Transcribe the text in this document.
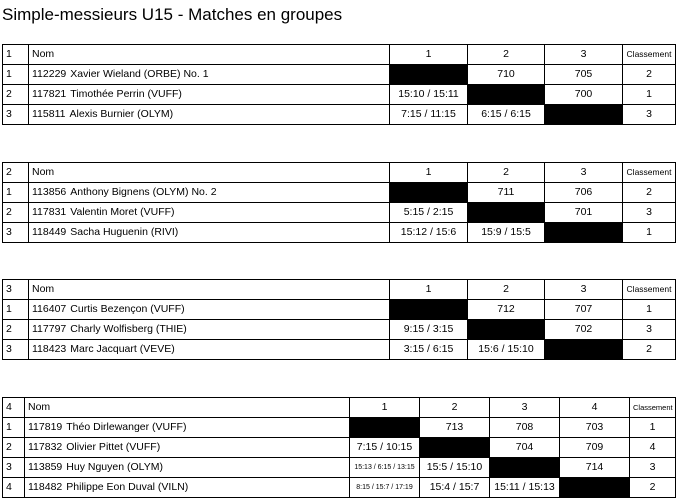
Simple-messieurs U15 - Matches en groupes
1	Nom	1	2	3	Classement
1	112229 Xavier Wieland (ORBE) No. 1		710	705	2
2	117821 Timothée Perrin (VUFF)	15:10 / 15:11		700	1
3	115811 Alexis Burnier (OLYM)	7:15 / 11:15	6:15 / 6:15		3
2	Nom	1	2	3	Classement
1	113856 Anthony Bignens (OLYM) No. 2		711	706	2
2	117831 Valentin Moret (VUFF)	5:15 / 2:15		701	3
3	118449 Sacha Huguenin (RIVI)	15:12 / 15:6	15:9 / 15:5		1
3	Nom	1	2	3	Classement
1	116407 Curtis Bezençon (VUFF)		712	707	1
2	117797 Charly Wolfisberg (THIE)	9:15 / 3:15		702	3
3	118423 Marc Jacquart (VEVE)	3:15 / 6:15	15:6 / 15:10		2
4	Nom	1	2	3	4	Classement
1	117819 Théo Dirlewanger (VUFF)		713	708	703	1
2	117832 Olivier Pittet (VUFF)	7:15 / 10:15		704	709	4
3	113859 Huy Nguyen (OLYM)	15:13 / 6:15 / 13:15	15:5 / 15:10		714	3
4	118482 Philippe Eon Duval (VILN)	8:15 / 15:7 / 17:19	15:4 / 15:7	15:11 / 15:13		2
